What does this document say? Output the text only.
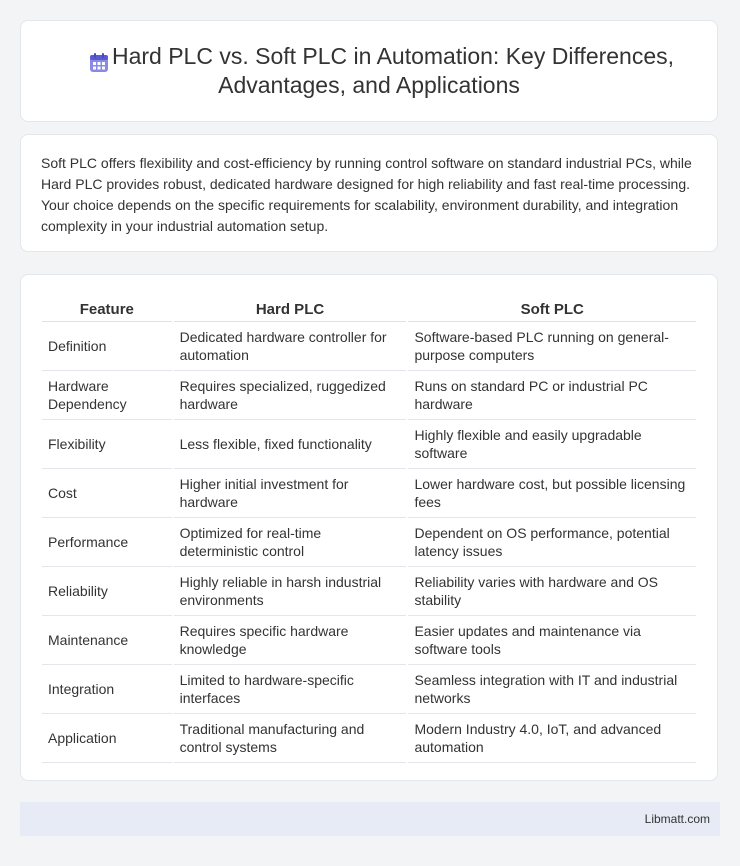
Hard PLC vs. Soft PLC in Automation: Key Differences, Advantages, and Applications

Soft PLC offers flexibility and cost-efficiency by running control software on standard industrial PCs, while Hard PLC provides robust, dedicated hardware designed for high reliability and fast real-time processing. Your choice depends on the specific requirements for scalability, environment durability, and integration complexity in your industrial automation setup.

Feature	Hard PLC	Soft PLC
Definition	Dedicated hardware controller for automation	Software-based PLC running on general-purpose computers
Hardware Dependency	Requires specialized, ruggedized hardware	Runs on standard PC or industrial PC hardware
Flexibility	Less flexible, fixed functionality	Highly flexible and easily upgradable software
Cost	Higher initial investment for hardware	Lower hardware cost, but possible licensing fees
Performance	Optimized for real-time deterministic control	Dependent on OS performance, potential latency issues
Reliability	Highly reliable in harsh industrial environments	Reliability varies with hardware and OS stability
Maintenance	Requires specific hardware knowledge	Easier updates and maintenance via software tools
Integration	Limited to hardware-specific interfaces	Seamless integration with IT and industrial networks
Application	Traditional manufacturing and control systems	Modern Industry 4.0, IoT, and advanced automation
Libmatt.com
